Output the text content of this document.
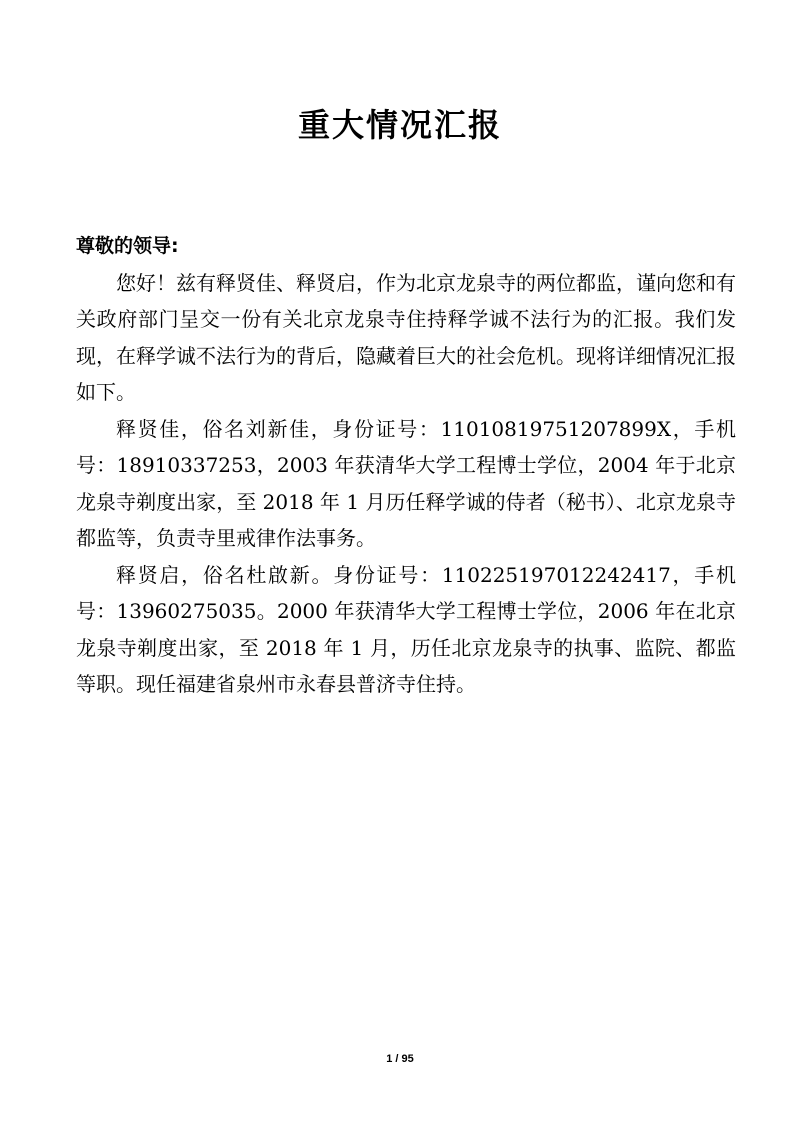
重大情况汇报

尊敬的领导:

您好！兹有释贤佳、释贤启，作为北京龙泉寺的两位都监，谨向您和有关政府部门呈交一份有关北京龙泉寺住持释学诚不法行为的汇报。我们发现，在释学诚不法行为的背后，隐藏着巨大的社会危机。现将详细情况汇报如下。

释贤佳，俗名刘新佳，身份证号：11010819751207899X，手机号：18910337253，2003 年获清华大学工程博士学位，2004 年于北京龙泉寺剃度出家，至 2018 年 1 月历任释学诚的侍者（秘书）、北京龙泉寺都监等，负责寺里戒律作法事务。

释贤启，俗名杜啟新。身份证号：110225197012242417，手机号：13960275035。2000 年获清华大学工程博士学位，2006 年在北京龙泉寺剃度出家，至 2018 年 1 月，历任北京龙泉寺的执事、监院、都监等职。现任福建省泉州市永春县普济寺住持。

1 / 95
